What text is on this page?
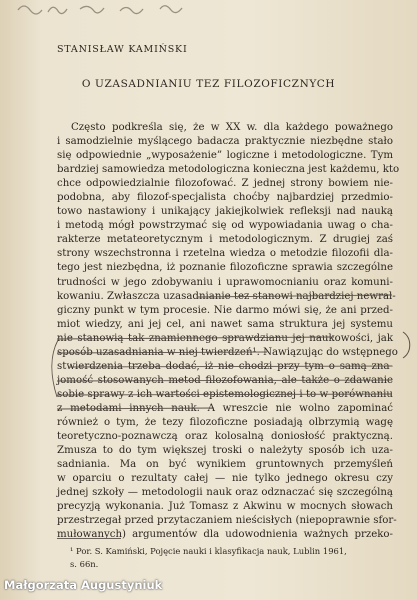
STANISŁAW KAMIŃSKI
O UZASADNIANIU TEZ FILOZOFICZNYCH
Często podkreśla się, że w XX w. dla każdego poważnego
i samodzielnie myślącego badacza praktycznie niezbędne stało
się odpowiednie „wyposażenie” logiczne i metodologiczne. Tym
bardziej samowiedza metodologiczna konieczna jest każdemu, kto
chce odpowiedzialnie filozofować. Z jednej strony bowiem nie-
podobna, aby filozof-specjalista choćby najbardziej przedmio-
towo nastawiony i unikający jakiejkolwiek refleksji nad nauką
i metodą mógł powstrzymać się od wypowiadania uwag o cha-
rakterze metateoretycznym i metodologicznym. Z drugiej zaś
strony wszechstronna i rzetelna wiedza o metodzie filozofii dla-
tego jest niezbędna, iż poznanie filozoficzne sprawia szczególne
trudności w jego zdobywaniu i uprawomocnianiu oraz komuni-
kowaniu. Zwłaszcza uzasadnianie tez stanowi najbardziej newral-
giczny punkt w tym procesie. Nie darmo mówi się, że ani przed-
miot wiedzy, ani jej cel, ani nawet sama struktura jej systemu
nie stanowią tak znamiennego sprawdzianu jej naukowości, jak
sposób uzasadniania w niej twierdzeń¹. Nawiązując do wstępnego
stwierdzenia trzeba dodać, iż nie chodzi przy tym o samą zna-
jomość stosowanych metod filozofowania, ale także o zdawanie
sobie sprawy z ich wartości epistemologicznej i to w porównaniu
z metodami innych nauk. A wreszcie nie wolno zapominać
również o tym, że tezy filozoficzne posiadają olbrzymią wagę
teoretyczno-poznawczą oraz kolosalną doniosłość praktyczną.
Zmusza to do tym większej troski o należyty sposób ich uza-
sadniania. Ma on być wynikiem gruntownych przemyśleń
w oparciu o rezultaty całej — nie tylko jednego okresu czy
jednej szkoły — metodologii nauk oraz odznaczać się szczególną
precyzją wykonania. Już Tomasz z Akwinu w mocnych słowach
przestrzegał przed przytaczaniem nieścisłych (niepoprawnie sfor-
mułowanych) argumentów dla udowodnienia ważnych przeko-
¹ Por. S. Kamiński, Pojęcie nauki i klasyfikacja nauk, Lublin 1961,
s. 66n.
Małgorzata Augustyniuk
